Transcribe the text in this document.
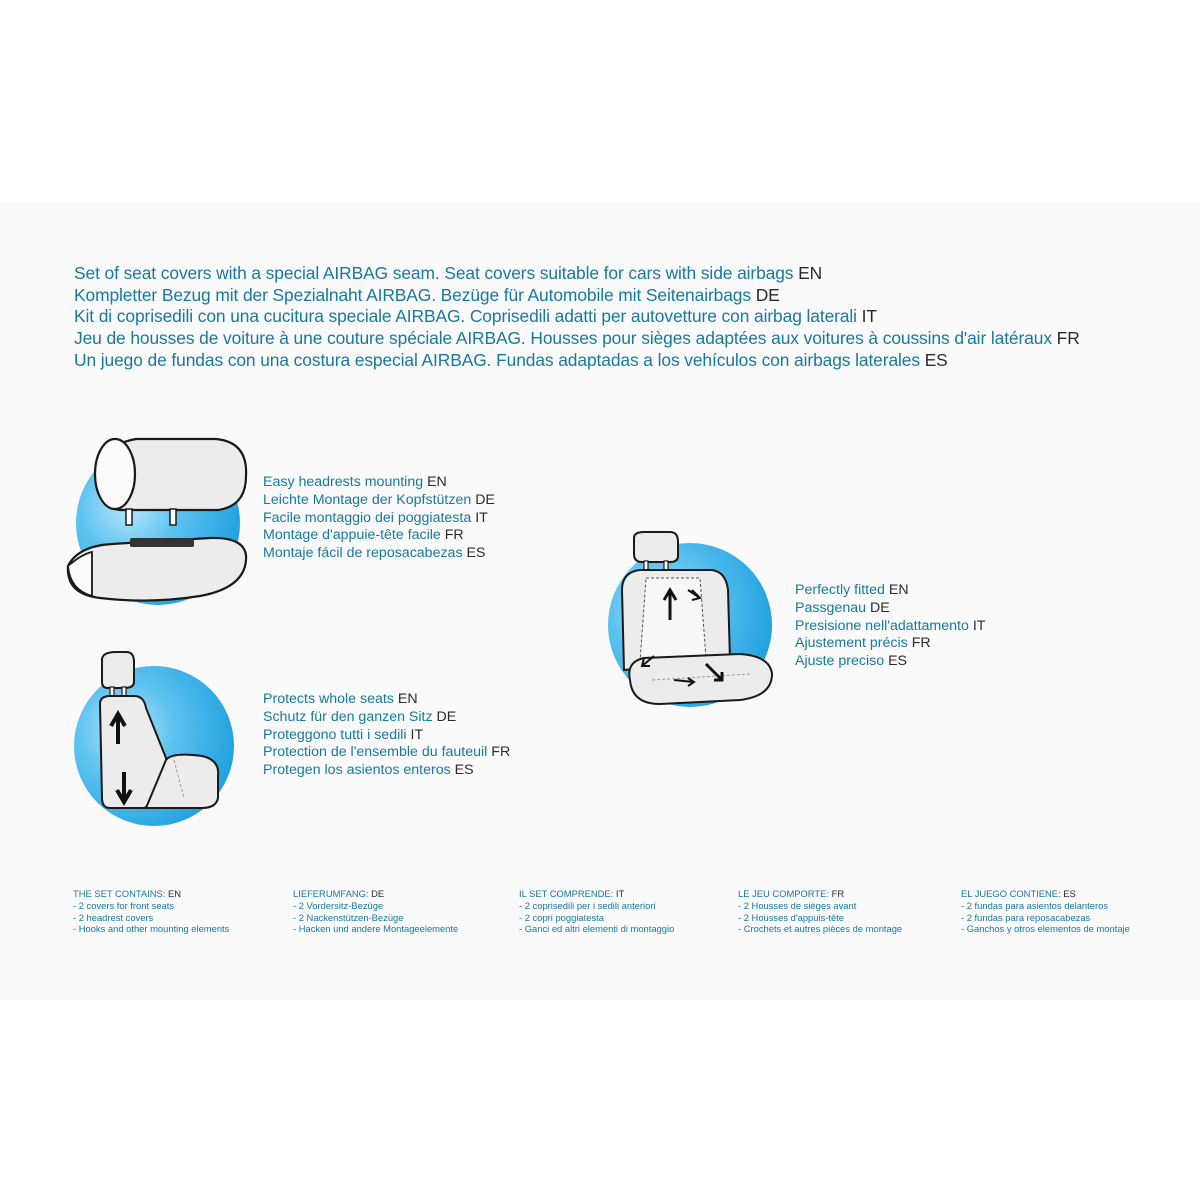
Set of seat covers with a special AIRBAG seam. Seat covers suitable for cars with side airbags EN
Kompletter Bezug mit der Spezialnaht AIRBAG. Bezüge für Automobile mit Seitenairbags DE
Kit di coprisedili con una cucitura speciale AIRBAG. Coprisedili adatti per autovetture con airbag laterali IT
Jeu de housses de voiture à une couture spéciale AIRBAG. Housses pour sièges adaptées aux voitures à coussins d'air latéraux FR
Un juego de fundas con una costura especial AIRBAG. Fundas adaptadas a los vehículos con airbags laterales ES
Easy headrests mounting EN
Leichte Montage der Kopfstützen DE
Facile montaggio dei poggiatesta IT
Montage d'appuie-tête facile FR
Montaje fácil de reposacabezas ES
Perfectly fitted EN
Passgenau DE
Presisione nell'adattamento IT
Ajustement précis FR
Ajuste preciso ES
Protects whole seats EN
Schutz für den ganzen Sitz DE
Proteggono tutti i sedili IT
Protection de l'ensemble du fauteuil FR
Protegen los asientos enteros ES
THE SET CONTAINS: EN
- 2 covers for front seats
- 2 headrest covers
- Hooks and other mounting elements
LIEFERUMFANG: DE
- 2 Vordersitz-Bezüge
- 2 Nackenstützen-Bezüge
- Hacken und andere Montageelemente
IL SET COMPRENDE: IT
- 2 coprisedili per i sedili anteriori
- 2 copri poggiatesta
- Ganci ed altri elementi di montaggio
LE JEU COMPORTE: FR
- 2 Housses de sièges avant
- 2 Housses d'appuis-tête
- Crochets et autres pièces de montage
EL JUEGO CONTIENE: ES
- 2 fundas para asientos delanteros
- 2 fundas para reposacabezas
- Ganchos y otros elementos de montaje
